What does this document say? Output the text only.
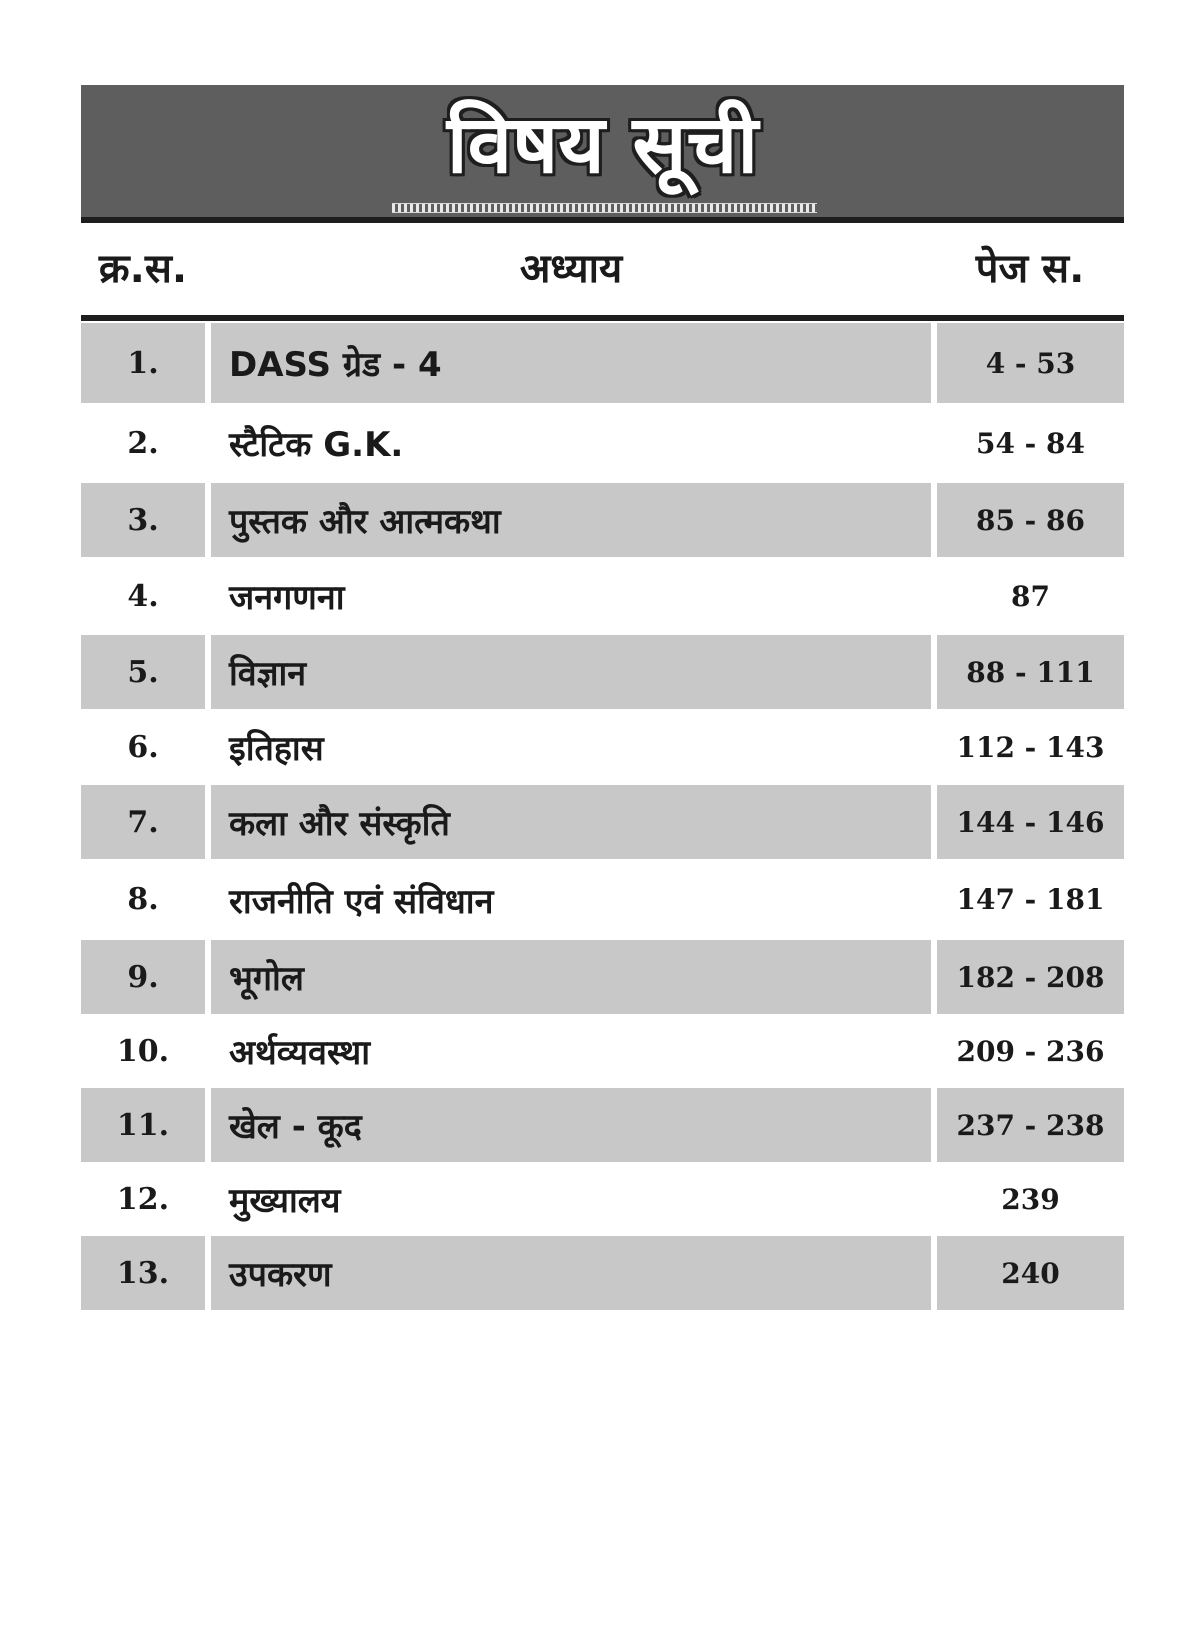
विषय सूची
क्र.स.	अध्याय	पेज स.
1.	DASS ग्रेड - 4	4 - 53
2.	स्टैटिक G.K.	54 - 84
3.	पुस्तक और आत्मकथा	85 - 86
4.	जनगणना	87
5.	विज्ञान	88 - 111
6.	इतिहास	112 - 143
7.	कला और संस्कृति	144 - 146
8.	राजनीति एवं संविधान	147 - 181
9.	भूगोल	182 - 208
10.	अर्थव्यवस्था	209 - 236
11.	खेल - कूद	237 - 238
12.	मुख्यालय	239
13.	उपकरण	240
